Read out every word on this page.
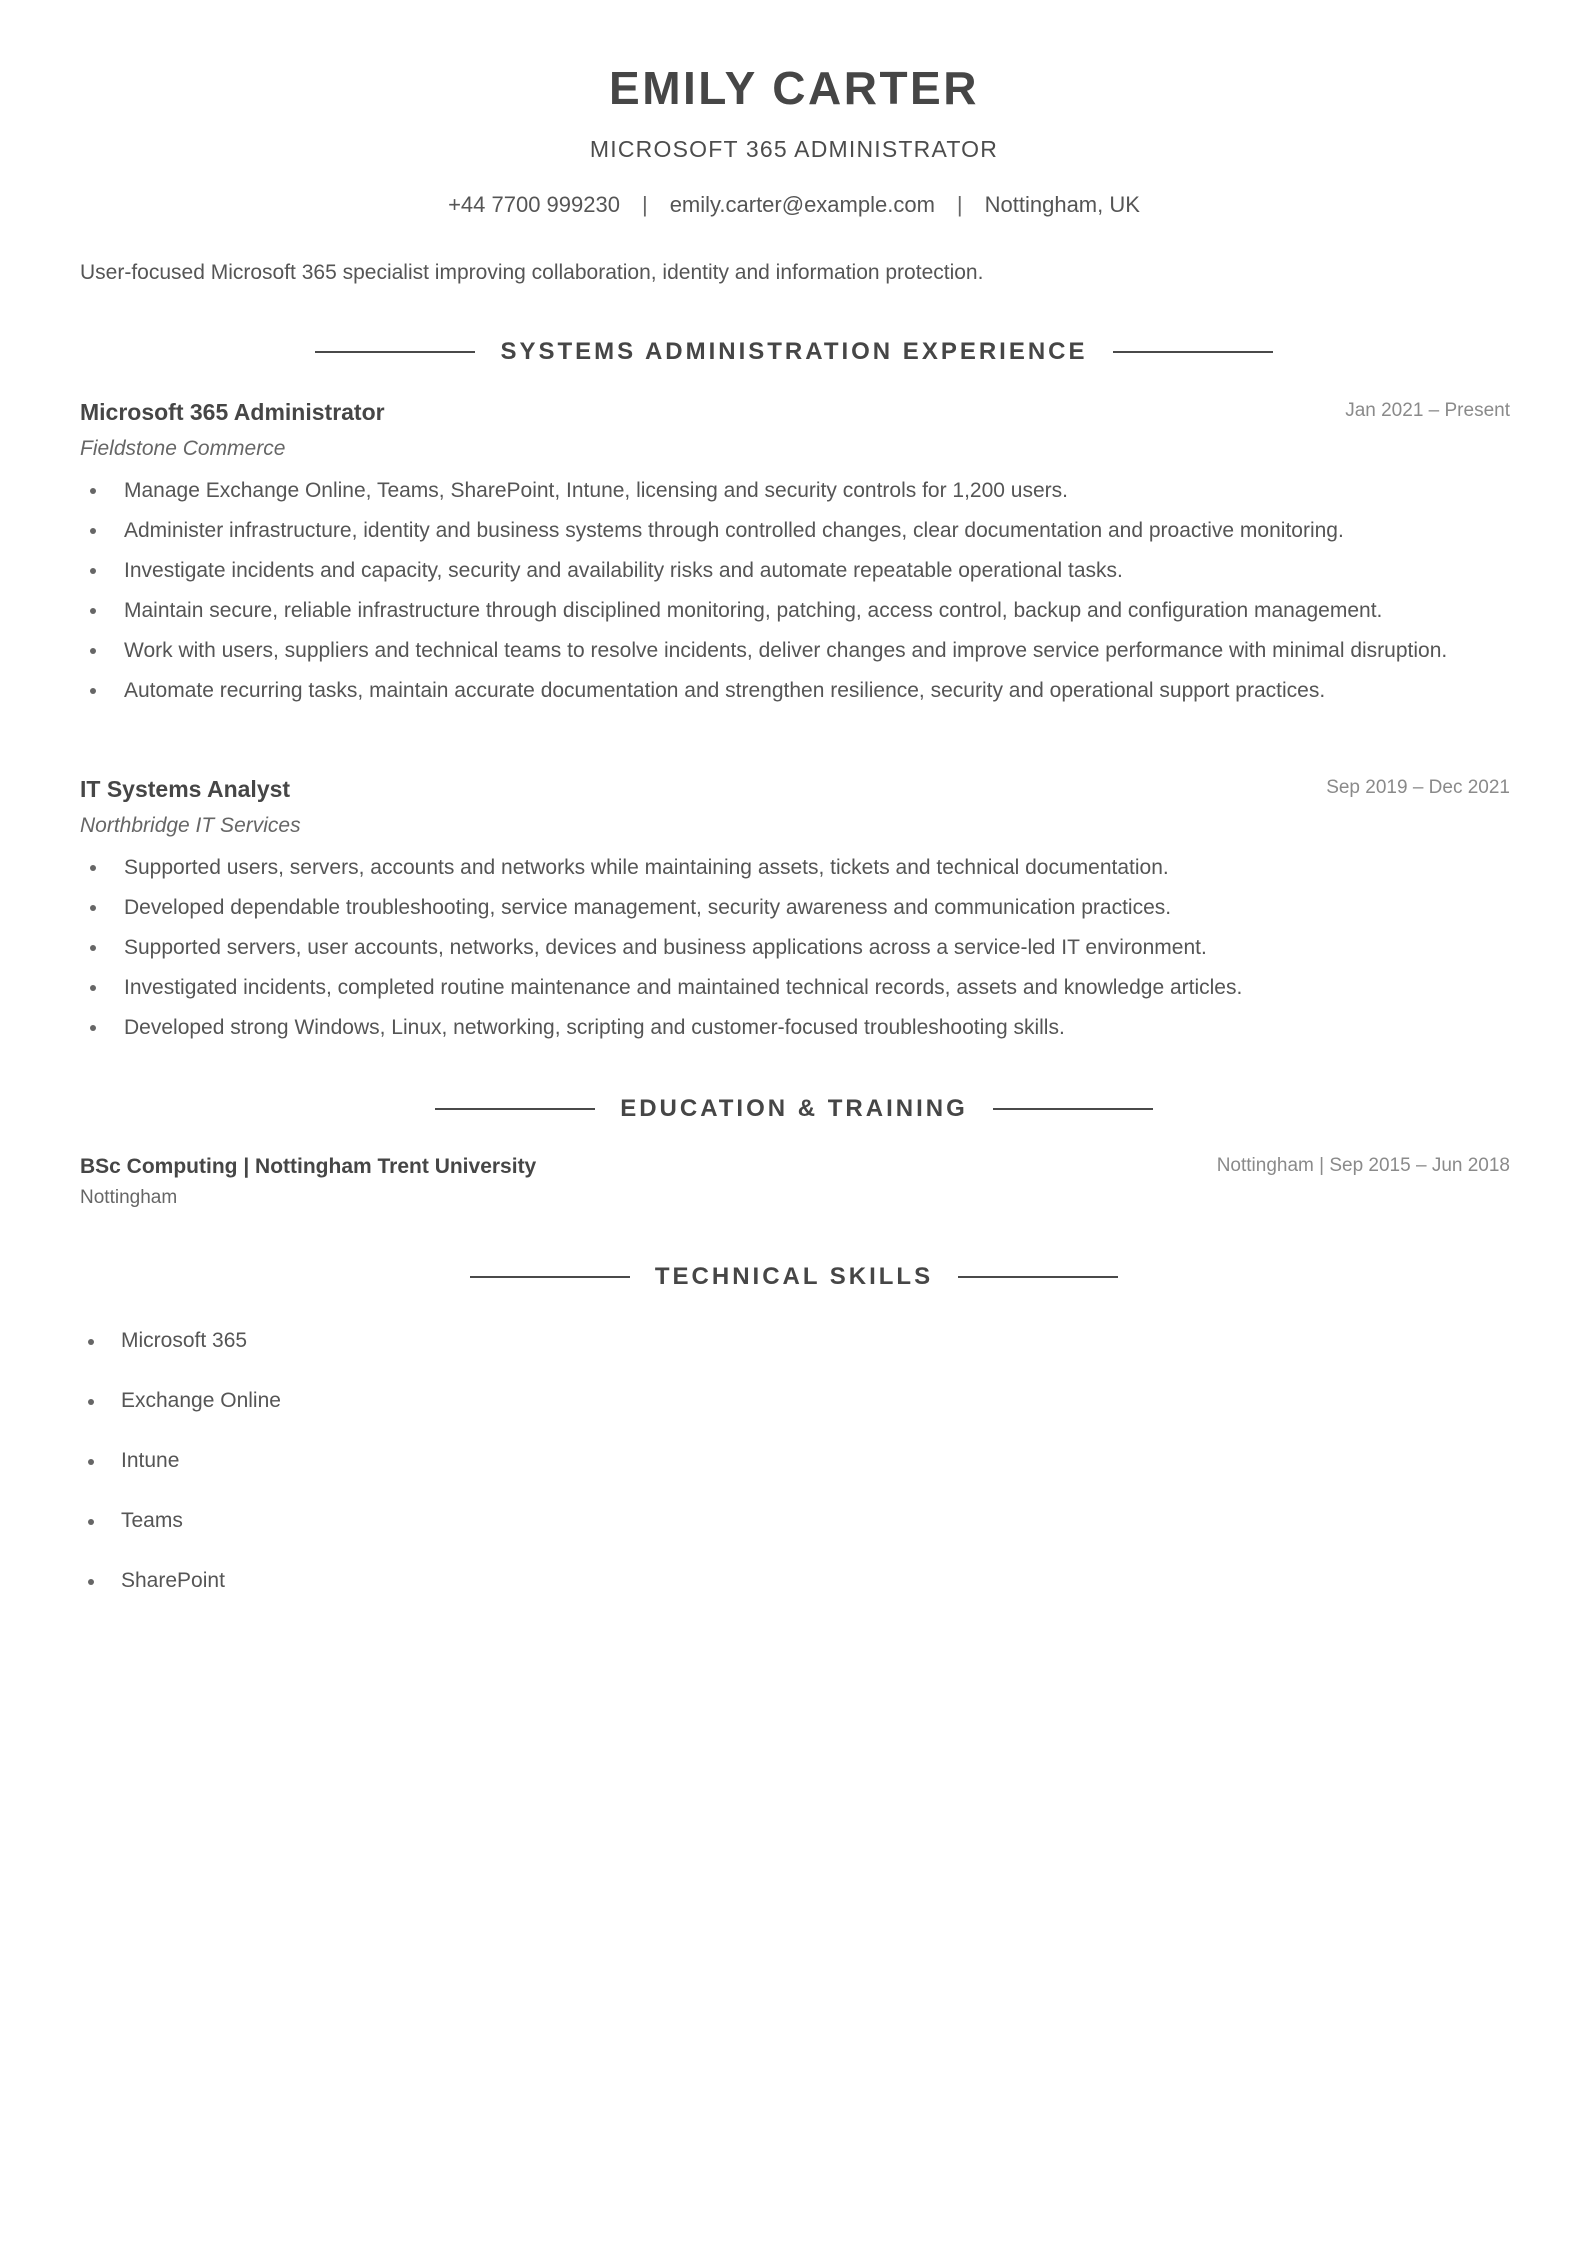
EMILY CARTER
MICROSOFT 365 ADMINISTRATOR
+44 7700 999230 | emily.carter@example.com | Nottingham, UK
User-focused Microsoft 365 specialist improving collaboration, identity and information protection.
SYSTEMS ADMINISTRATION EXPERIENCE
Microsoft 365 Administrator	Jan 2021 – Present
Fieldstone Commerce
Manage Exchange Online, Teams, SharePoint, Intune, licensing and security controls for 1,200 users.
Administer infrastructure, identity and business systems through controlled changes, clear documentation and proactive monitoring.
Investigate incidents and capacity, security and availability risks and automate repeatable operational tasks.
Maintain secure, reliable infrastructure through disciplined monitoring, patching, access control, backup and configuration management.
Work with users, suppliers and technical teams to resolve incidents, deliver changes and improve service performance with minimal disruption.
Automate recurring tasks, maintain accurate documentation and strengthen resilience, security and operational support practices.
IT Systems Analyst	Sep 2019 – Dec 2021
Northbridge IT Services
Supported users, servers, accounts and networks while maintaining assets, tickets and technical documentation.
Developed dependable troubleshooting, service management, security awareness and communication practices.
Supported servers, user accounts, networks, devices and business applications across a service-led IT environment.
Investigated incidents, completed routine maintenance and maintained technical records, assets and knowledge articles.
Developed strong Windows, Linux, networking, scripting and customer-focused troubleshooting skills.
EDUCATION & TRAINING
BSc Computing | Nottingham Trent University	Nottingham | Sep 2015 – Jun 2018
Nottingham
TECHNICAL SKILLS
Microsoft 365
Exchange Online
Intune
Teams
SharePoint
